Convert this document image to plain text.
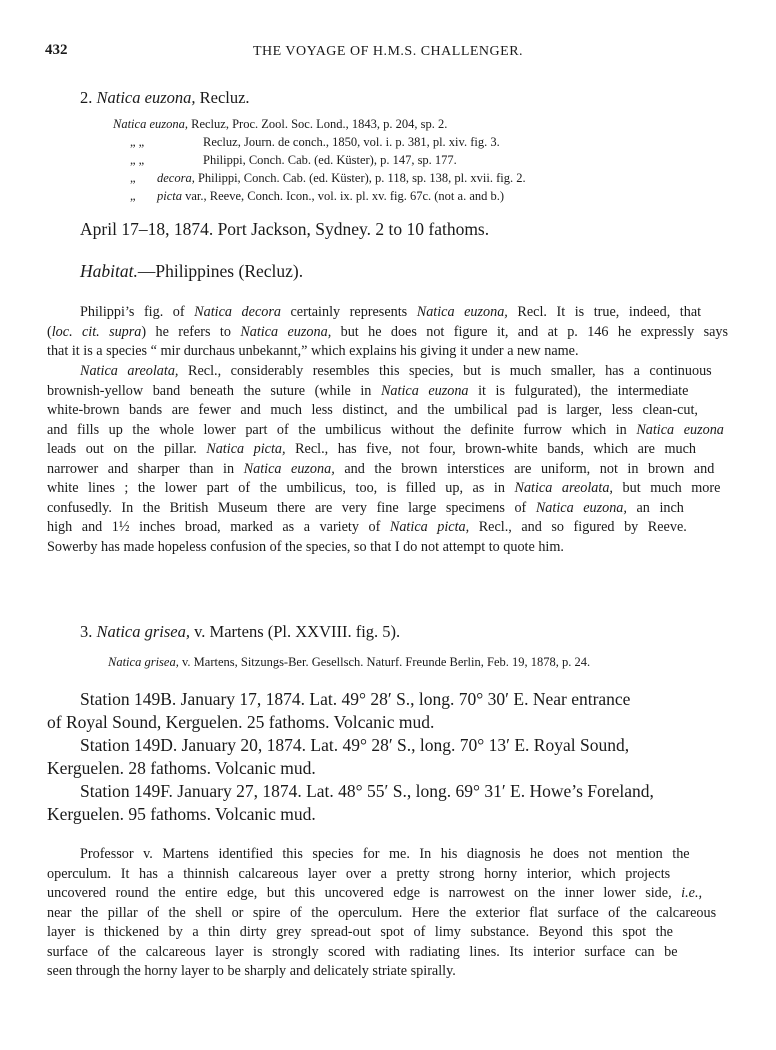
432	THE VOYAGE OF H.M.S. CHALLENGER.
2. Natica euzona, Recluz.
Natica euzona, Recluz, Proc. Zool. Soc. Lond., 1843, p. 204, sp. 2.
„ „	Recluz, Journ. de conch., 1850, vol. i. p. 381, pl. xiv. fig. 3.
„ „	Philippi, Conch. Cab. (ed. Küster), p. 147, sp. 177.
„ decora, Philippi, Conch. Cab. (ed. Küster), p. 118, sp. 138, pl. xvii. fig. 2.
„ picta var., Reeve, Conch. Icon., vol. ix. pl. xv. fig. 67c. (not a. and b.)
April 17–18, 1874. Port Jackson, Sydney. 2 to 10 fathoms.
Habitat.—Philippines (Recluz).
Philippi’s fig. of Natica decora certainly represents Natica euzona, Recl. It is true, indeed, that
(loc. cit. supra) he refers to Natica euzona, but he does not figure it, and at p. 146 he expressly says
that it is a species “ mir durchaus unbekannt,” which explains his giving it under a new name.
Natica areolata, Recl., considerably resembles this species, but is much smaller, has a continuous
brownish-yellow band beneath the suture (while in Natica euzona it is fulgurated), the intermediate
white-brown bands are fewer and much less distinct, and the umbilical pad is larger, less clean-cut,
and fills up the whole lower part of the umbilicus without the definite furrow which in Natica euzona
leads out on the pillar. Natica picta, Recl., has five, not four, brown-white bands, which are much
narrower and sharper than in Natica euzona, and the brown interstices are uniform, not in brown and
white lines ; the lower part of the umbilicus, too, is filled up, as in Natica areolata, but much more
confusedly. In the British Museum there are very fine large specimens of Natica euzona, an inch
high and 1½ inches broad, marked as a variety of Natica picta, Recl., and so figured by Reeve.
Sowerby has made hopeless confusion of the species, so that I do not attempt to quote him.
3. Natica grisea, v. Martens (Pl. XXVIII. fig. 5).
Natica grisea, v. Martens, Sitzungs-Ber. Gesellsch. Naturf. Freunde Berlin, Feb. 19, 1878, p. 24.
Station 149B. January 17, 1874. Lat. 49° 28′ S., long. 70° 30′ E. Near entrance
of Royal Sound, Kerguelen. 25 fathoms. Volcanic mud.
Station 149D. January 20, 1874. Lat. 49° 28′ S., long. 70° 13′ E. Royal Sound,
Kerguelen. 28 fathoms. Volcanic mud.
Station 149F. January 27, 1874. Lat. 48° 55′ S., long. 69° 31′ E. Howe’s Foreland,
Kerguelen. 95 fathoms. Volcanic mud.
Professor v. Martens identified this species for me. In his diagnosis he does not mention the
operculum. It has a thinnish calcareous layer over a pretty strong horny interior, which projects
uncovered round the entire edge, but this uncovered edge is narrowest on the inner lower side, i.e.,
near the pillar of the shell or spire of the operculum. Here the exterior flat surface of the calcareous
layer is thickened by a thin dirty grey spread-out spot of limy substance. Beyond this spot the
surface of the calcareous layer is strongly scored with radiating lines. Its interior surface can be
seen through the horny layer to be sharply and delicately striate spirally.
